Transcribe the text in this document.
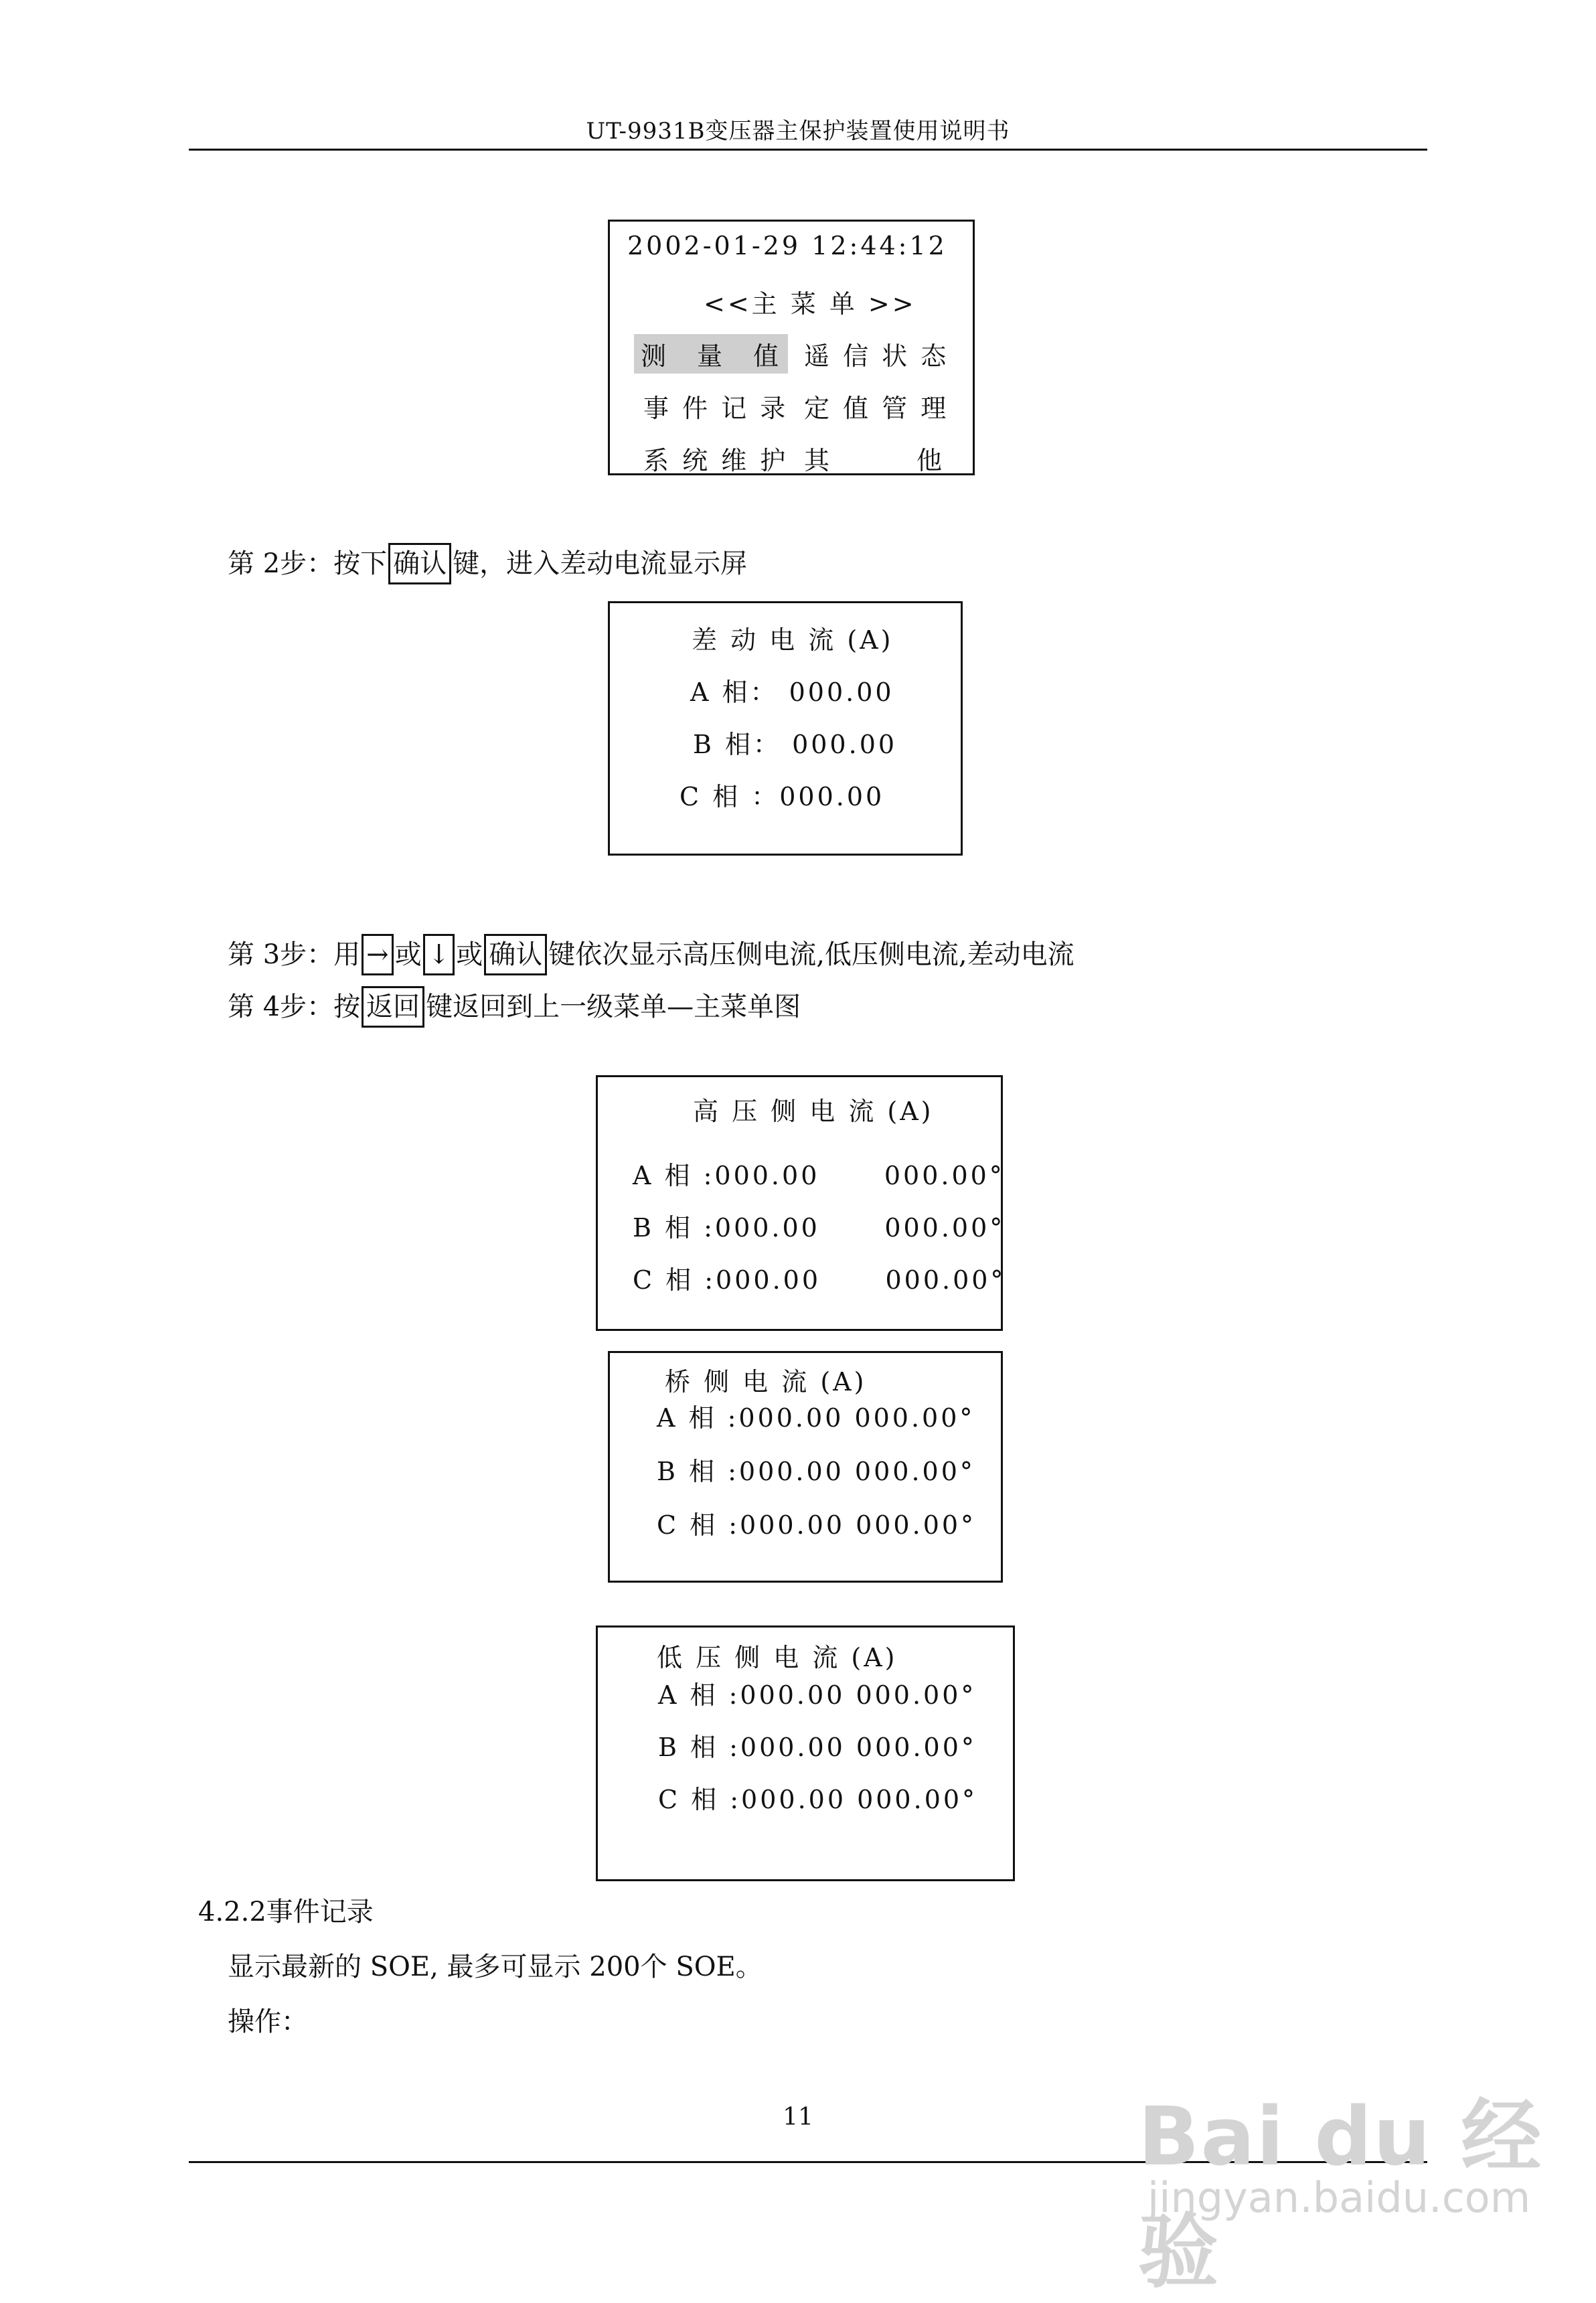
UT-9931B变压器主保护装置使用说明书
2002-01-29 12:44:12
<<主 菜 单 >>
测　量　值 遥 信 状 态
事 件 记 录 定 值 管 理
系 统 维 护 其　　　他
第 2步：按下 确认 键，进入差动电流显示屏
差 动 电 流 (A)
A 相： 000.00
B 相： 000.00
C 相 ：000.00
第 3步：用 → 或 ↓ 或 确认 键依次显示高压侧电流,低压侧电流,差动电流
第 4步：按 返回 键返回到上一级菜单—主菜单图
高 压 侧 电 流 (A)
A 相 :000.00      000.00°
B 相 :000.00      000.00°
C 相 :000.00      000.00°
桥 侧 电 流 (A)
A 相 :000.00 000.00°
B 相 :000.00 000.00°
C 相 :000.00 000.00°
低 压 侧 电 流 (A)
A 相 :000.00 000.00°
B 相 :000.00 000.00°
C 相 :000.00 000.00°
4.2.2事件记录
显示最新的 SOE, 最多可显示 200个 SOE。
操作：
11	Bai du 经验
jingyan.baidu.com
